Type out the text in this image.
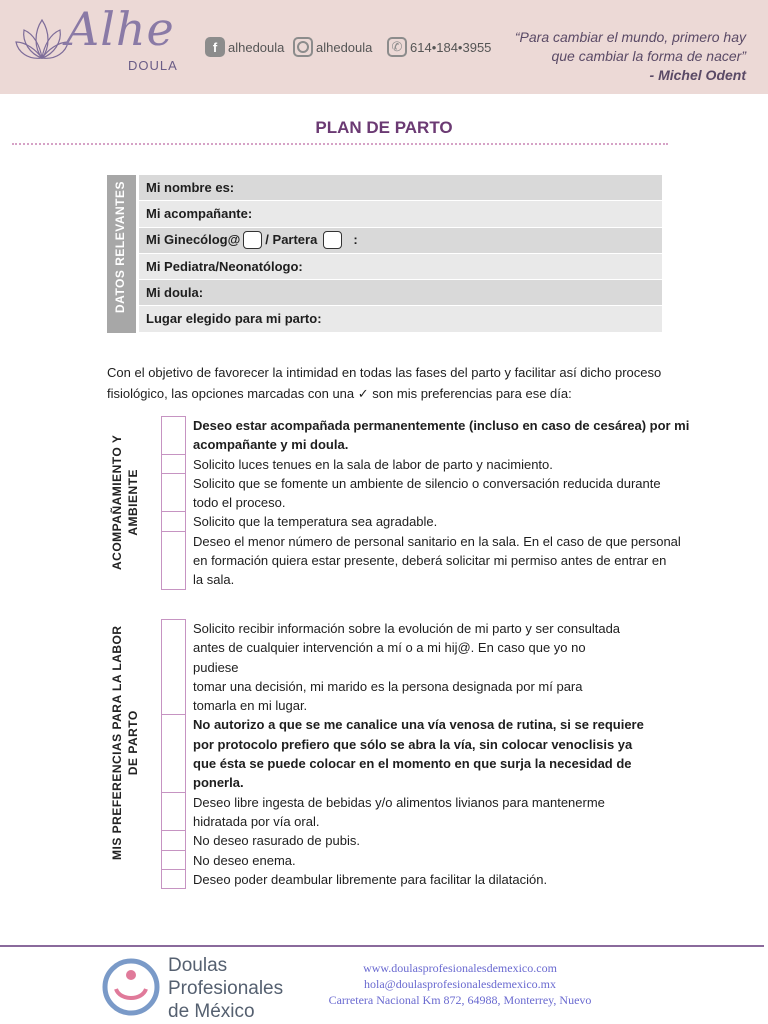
Alhe
DOULA
f alhedoula alhedoula	✆ 614•184•3955
“Para cambiar el mundo, primero hay
que cambiar la forma de nacer”
- Michel Odent
PLAN DE PARTO
DATOS RELEVANTES Mi nombre es:
Mi acompañante:
Mi Ginecólog@ / Partera	:
Mi Pediatra/Neonatólogo:
Mi doula:
Lugar elegido para mi parto:
Con el objetivo de favorecer la intimidad en todas las fases del parto y facilitar así dicho proceso fisiológico, las opciones marcadas con una ✓ son mis preferencias para ese día:
ACOMPAÑAMIENTO Y AMBIENTE
Deseo estar acompañada permanentemente (incluso en caso de cesárea) por mi
acompañante y mi doula.
Solicito luces tenues en la sala de labor de parto y nacimiento.
Solicito que se fomente un ambiente de silencio o conversación reducida durante
todo el proceso.
Solicito que la temperatura sea agradable.
Deseo el menor número de personal sanitario en la sala. En el caso de que personal
en formación quiera estar presente, deberá solicitar mi permiso antes de entrar en
la sala.
MIS PREFERENCIAS PARA LA LABOR DE PARTO
Solicito recibir información sobre la evolución de mi parto y ser consultada
antes de cualquier intervención a mí o a mi hij@. En caso que yo no
pudiese
tomar una decisión, mi marido es la persona designada por mí para
tomarla en mi lugar.
No autorizo a que se me canalice una vía venosa de rutina, si se requiere
por protocolo prefiero que sólo se abra la vía, sin colocar venoclisis ya
que ésta se puede colocar en el momento en que surja la necesidad de
ponerla.
Deseo libre ingesta de bebidas y/o alimentos livianos para mantenerme
hidratada por vía oral.
No deseo rasurado de pubis.
No deseo enema.
Deseo poder deambular libremente para facilitar la dilatación.
Doulas
Profesionales
de México
www.doulasprofesionalesdemexico.com
hola@doulasprofesionalesdemexico.mx
Carretera Nacional Km 872, 64988, Monterrey, Nuevo
